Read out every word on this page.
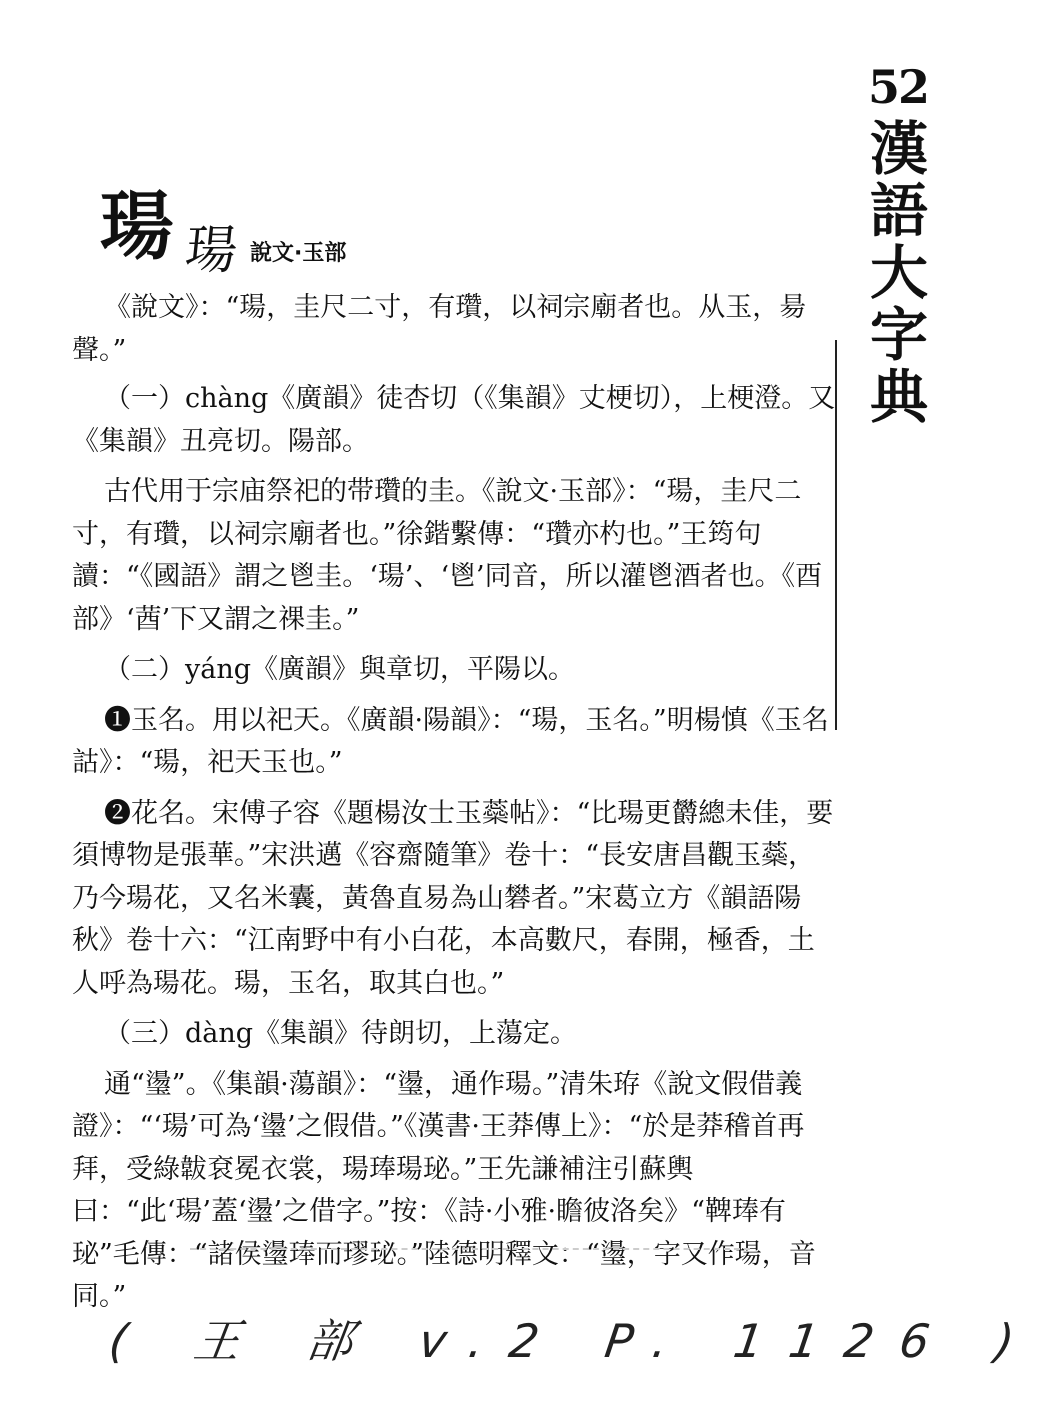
52
漢
語
大
字
典
瑒 瑒 說文·玉部

《說文》：“瑒，圭尺二寸，有瓚，以祠宗廟者也。从玉，昜聲。”

（一）chàng《廣韻》徒杏切（《集韻》丈梗切），上梗澄。又《集韻》丑亮切。陽部。

古代用于宗庙祭祀的带瓚的圭。《說文·玉部》：“瑒，圭尺二寸，有瓚，以祠宗廟者也。”徐鍇繫傳：“瓚亦杓也。”王筠句讀：“《國語》謂之鬯圭。‘瑒’、‘鬯’同音，所以灌鬯酒者也。《酉部》‘莤’下又謂之祼圭。”

（二）yáng《廣韻》與章切，平陽以。

❶玉名。用以祀天。《廣韻·陽韻》：“瑒，玉名。”明楊慎《玉名詁》：“瑒，祀天玉也。”

❷花名。宋傅子容《題楊汝士玉蘂帖》：“比瑒更欝總未佳，要須博物是張華。”宋洪邁《容齋隨筆》卷十：“長安唐昌觀玉蘂，乃今瑒花，又名米囊，黃魯直易為山礬者。”宋葛立方《韻語陽秋》卷十六：“江南野中有小白花，本高數尺，春開，極香，土人呼為瑒花。瑒，玉名，取其白也。”

（三）dàng《集韻》待朗切，上蕩定。

通“璗”。《集韻·蕩韻》：“璗，通作瑒。”清朱珔《說文假借義證》：“‘瑒’可為‘璗’之假借。”《漢書·王莽傳上》：“於是莽稽首再拜，受綠韍袞冕衣裳，瑒琫瑒珌。”王先謙補注引蘇輿曰：“此‘瑒’蓋‘璗’之借字。”按：《詩·小雅·瞻彼洛矣》“鞞琫有珌”毛傳：“諸侯璗琫而璆珌。”陸德明釋文：“璗，字又作瑒，音同。”

( 王 部 v.2 P. 1126 )
